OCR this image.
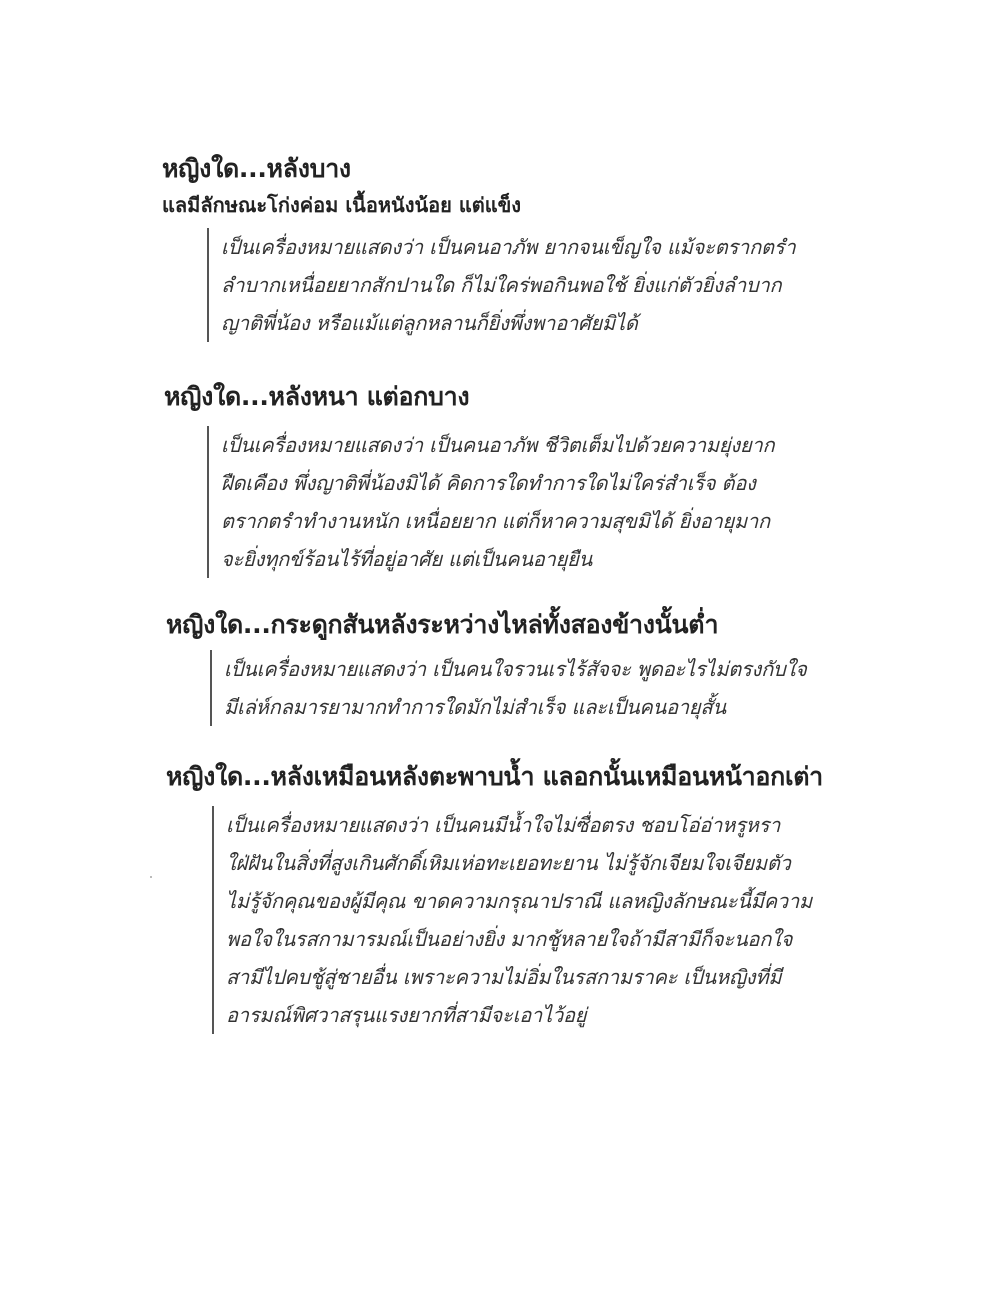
หญิงใด...หลังบาง

แลมีลักษณะโก่งค่อม เนื้อหนังน้อย แต่แข็ง

เป็นเครื่องหมายแสดงว่า เป็นคนอาภัพ ยากจนเข็ญใจ แม้จะตรากตรำ
ลำบากเหนื่อยยากสักปานใด ก็ไม่ใคร่พอกินพอใช้ ยิ่งแก่ตัวยิ่งลำบาก
ญาติพี่น้อง หรือแม้แต่ลูกหลานก็ยิ่งพึ่งพาอาศัยมิได้
หญิงใด...หลังหนา แต่อกบาง
เป็นเครื่องหมายแสดงว่า เป็นคนอาภัพ ชีวิตเต็มไปด้วยความยุ่งยาก
ฝืดเคือง พึ่งญาติพี่น้องมิได้ คิดการใดทำการใดไม่ใคร่สำเร็จ ต้อง
ตรากตรำทำงานหนัก เหนื่อยยาก แต่ก็หาความสุขมิได้ ยิ่งอายุมาก
จะยิ่งทุกข์ร้อนไร้ที่อยู่อาศัย แต่เป็นคนอายุยืน
หญิงใด...กระดูกสันหลังระหว่างไหล่ทั้งสองข้างนั้นต่ำ
เป็นเครื่องหมายแสดงว่า เป็นคนใจรวนเรไร้สัจจะ พูดอะไรไม่ตรงกับใจ
มีเล่ห์กลมารยามากทำการใดมักไม่สำเร็จ และเป็นคนอายุสั้น
หญิงใด...หลังเหมือนหลังตะพาบน้ำ แลอกนั้นเหมือนหน้าอกเต่า
เป็นเครื่องหมายแสดงว่า เป็นคนมีน้ำใจไม่ซื่อตรง ชอบโอ่อ่าหรูหรา
ใฝ่ฝันในสิ่งที่สูงเกินศักดิ์เหิมเห่อทะเยอทะยาน ไม่รู้จักเจียมใจเจียมตัว
ไม่รู้จักคุณของผู้มีคุณ ขาดความกรุณาปราณี แลหญิงลักษณะนี้มีความ
พอใจในรสกามารมณ์เป็นอย่างยิ่ง มากชู้หลายใจถ้ามีสามีก็จะนอกใจ
สามีไปคบชู้สู่ชายอื่น เพราะความไม่อิ่มในรสกามราคะ เป็นหญิงที่มี
อารมณ์พิศวาสรุนแรงยากที่สามีจะเอาไว้อยู่
